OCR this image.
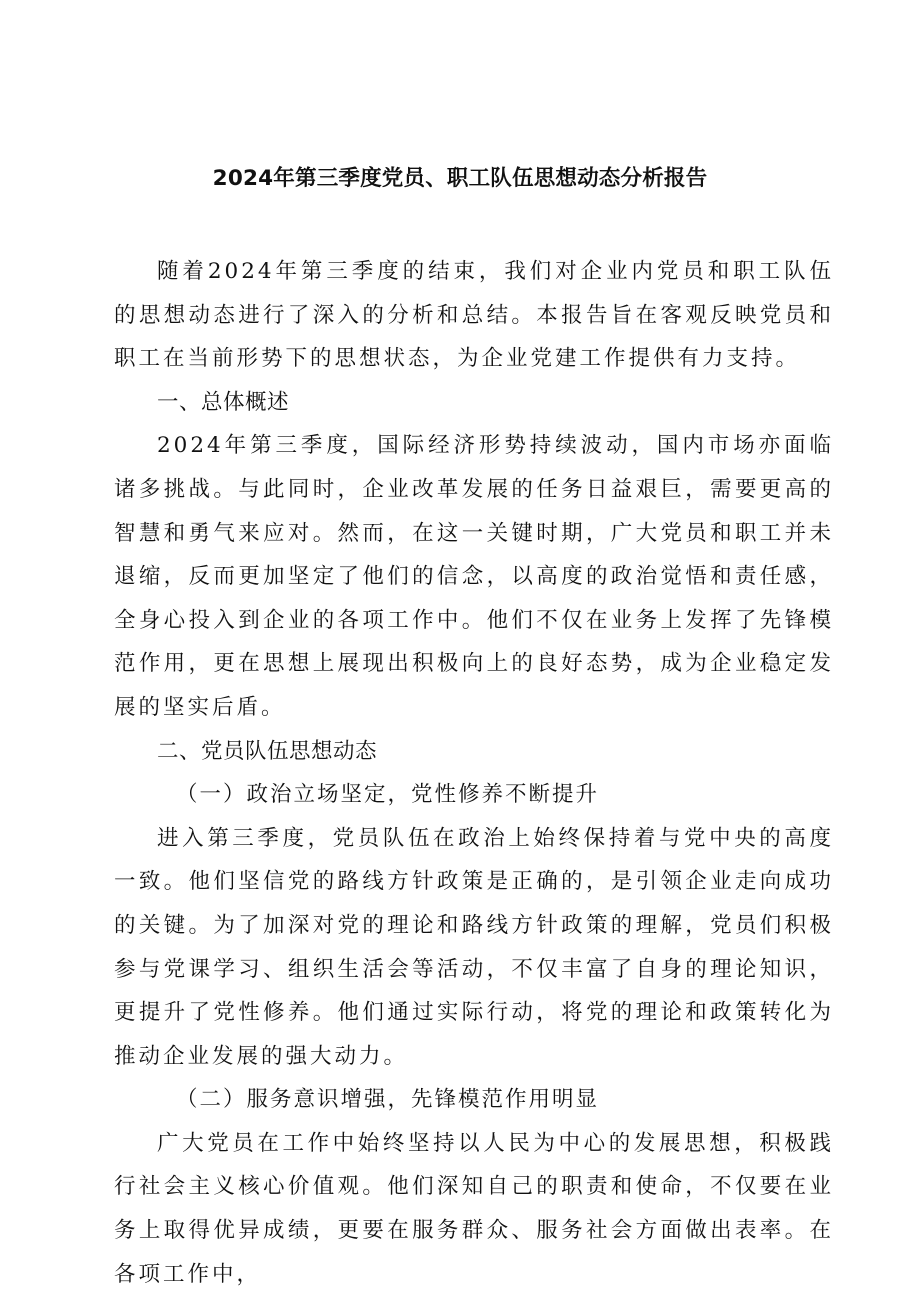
2024年第三季度党员、职工队伍思想动态分析报告

随着2024年第三季度的结束，我们对企业内党员和职工队伍的思想动态进行了深入的分析和总结。本报告旨在客观反映党员和职工在当前形势下的思想状态，为企业党建工作提供有力支持。

一、总体概述

2024年第三季度，国际经济形势持续波动，国内市场亦面临诸多挑战。与此同时，企业改革发展的任务日益艰巨，需要更高的智慧和勇气来应对。然而，在这一关键时期，广大党员和职工并未退缩，反而更加坚定了他们的信念，以高度的政治觉悟和责任感，全身心投入到企业的各项工作中。他们不仅在业务上发挥了先锋模范作用，更在思想上展现出积极向上的良好态势，成为企业稳定发展的坚实后盾。

二、党员队伍思想动态

（一）政治立场坚定，党性修养不断提升

进入第三季度，党员队伍在政治上始终保持着与党中央的高度一致。他们坚信党的路线方针政策是正确的，是引领企业走向成功的关键。为了加深对党的理论和路线方针政策的理解，党员们积极参与党课学习、组织生活会等活动，不仅丰富了自身的理论知识，更提升了党性修养。他们通过实际行动，将党的理论和政策转化为推动企业发展的强大动力。

（二）服务意识增强，先锋模范作用明显

广大党员在工作中始终坚持以人民为中心的发展思想，积极践行社会主义核心价值观。他们深知自己的职责和使命，不仅要在业务上取得优异成绩，更要在服务群众、服务社会方面做出表率。在各项工作中，
